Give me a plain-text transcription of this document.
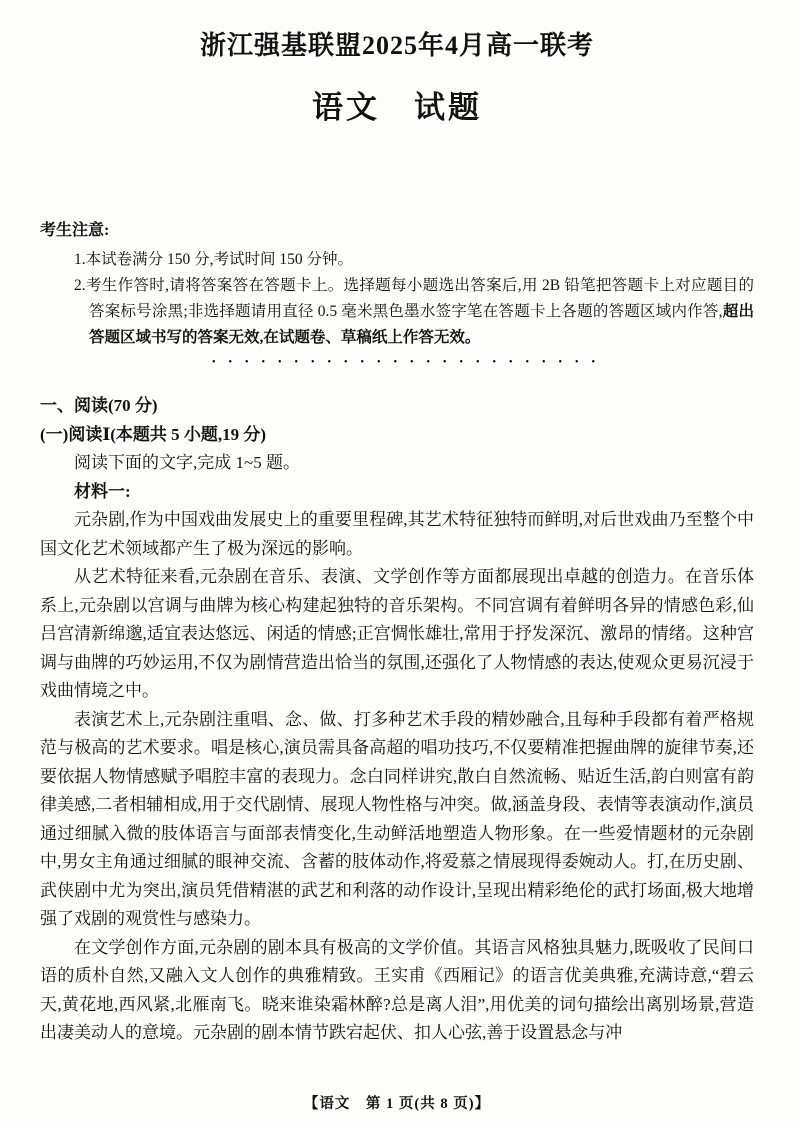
浙江强基联盟2025年4月高一联考
语文　试题
考生注意:

1.本试卷满分 150 分,考试时间 150 分钟。

2.考生作答时,请将答案答在答题卡上。选择题每小题选出答案后,用 2B 铅笔把答题卡上对应题目的答案标号涂黑;非选择题请用直径 0.5 毫米黑色墨水签字笔在答题卡上各题的答题区域内作答,超出答题区域书写的答案无效,在试题卷、草稿纸上作答无效。

••••••••••••••••••••••••
一、阅读(70 分)
(一)阅读Ⅰ(本题共 5 小题,19 分)
阅读下面的文字,完成 1~5 题。
材料一:

元杂剧,作为中国戏曲发展史上的重要里程碑,其艺术特征独特而鲜明,对后世戏曲乃至整个中国文化艺术领域都产生了极为深远的影响。

从艺术特征来看,元杂剧在音乐、表演、文学创作等方面都展现出卓越的创造力。在音乐体系上,元杂剧以宫调与曲牌为核心构建起独特的音乐架构。不同宫调有着鲜明各异的情感色彩,仙吕宫清新绵邈,适宜表达悠远、闲适的情感;正宫惆怅雄壮,常用于抒发深沉、激昂的情绪。这种宫调与曲牌的巧妙运用,不仅为剧情营造出恰当的氛围,还强化了人物情感的表达,使观众更易沉浸于戏曲情境之中。

表演艺术上,元杂剧注重唱、念、做、打多种艺术手段的精妙融合,且每种手段都有着严格规范与极高的艺术要求。唱是核心,演员需具备高超的唱功技巧,不仅要精准把握曲牌的旋律节奏,还要依据人物情感赋予唱腔丰富的表现力。念白同样讲究,散白自然流畅、贴近生活,韵白则富有韵律美感,二者相辅相成,用于交代剧情、展现人物性格与冲突。做,涵盖身段、表情等表演动作,演员通过细腻入微的肢体语言与面部表情变化,生动鲜活地塑造人物形象。在一些爱情题材的元杂剧中,男女主角通过细腻的眼神交流、含蓄的肢体动作,将爱慕之情展现得委婉动人。打,在历史剧、武侠剧中尤为突出,演员凭借精湛的武艺和利落的动作设计,呈现出精彩绝伦的武打场面,极大地增强了戏剧的观赏性与感染力。

在文学创作方面,元杂剧的剧本具有极高的文学价值。其语言风格独具魅力,既吸收了民间口语的质朴自然,又融入文人创作的典雅精致。王实甫《西厢记》的语言优美典雅,充满诗意,“碧云天,黄花地,西风紧,北雁南飞。晓来谁染霜林醉?总是离人泪”,用优美的词句描绘出离别场景,营造出凄美动人的意境。元杂剧的剧本情节跌宕起伏、扣人心弦,善于设置悬念与冲

【语文　第 1 页(共 8 页)】
